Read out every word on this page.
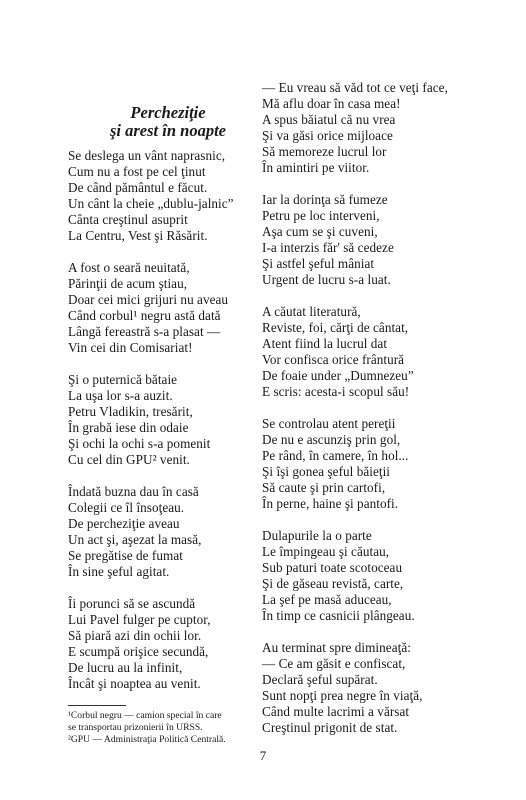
Percheziţie
şi arest în noapte
Se deslega un vânt naprasnic,
Cum nu a fost pe cel ţinut
De când pământul e făcut.
Un cânt la cheie „dublu-jalnic”
Cânta creştinul asuprit
La Centru, Vest şi Răsărit.
A fost o seară neuitată,
Părinţii de acum ştiau,
Doar cei mici grijuri nu aveau
Când corbul¹ negru astă dată
Lângă fereastră s-a plasat —
Vin cei din Comisariat!
Şi o puternică bătaie
La uşa lor s-a auzit.
Petru Vladikin, tresărit,
În grabă iese din odaie
Şi ochi la ochi s-a pomenit
Cu cel din GPU² venit.
Îndată buzna dau în casă
Colegii ce îl însoţeau.
De percheziţie aveau
Un act şi, aşezat la masă,
Se pregătise de fumat
În sine şeful agitat.
Îi porunci să se ascundă
Lui Pavel fulger pe cuptor,
Să piară azi din ochii lor.
E scumpă orişice secundă,
De lucru au la infinit,
Încât şi noaptea au venit.
— Eu vreau să văd tot ce veţi face,
Mă aflu doar în casa mea!
A spus băiatul că nu vrea
Şi va găsi orice mijloace
Să memoreze lucrul lor
În amintiri pe viitor.
Iar la dorinţa să fumeze
Petru pe loc interveni,
Aşa cum se şi cuveni,
I-a interzis făr' să cedeze
Şi astfel şeful mâniat
Urgent de lucru s-a luat.
A căutat literatură,
Reviste, foi, cărţi de cântat,
Atent fiind la lucrul dat
Vor confisca orice frântură
De foaie under „Dumnezeu”
E scris: acesta-i scopul său!
Se controlau atent pereţii
De nu e ascunziş prin gol,
Pe rând, în camere, în hol...
Şi îşi gonea şeful băieţii
Să caute şi prin cartofi,
În perne, haine şi pantofi.
Dulapurile la o parte
Le împingeau şi căutau,
Sub paturi toate scotoceau
Şi de găseau revistă, carte,
La şef pe masă aduceau,
În timp ce casnicii plângeau.
Au terminat spre dimineaţă:
— Ce am găsit e confiscat,
Declară şeful supărat.
Sunt nopţi prea negre în viaţă,
Când multe lacrimi a vărsat
Creştinul prigonit de stat.
¹Corbul negru — camion special în care
se transportau prizonierii în URSS.
²GPU — Administraţia Politică Centrală.
7
